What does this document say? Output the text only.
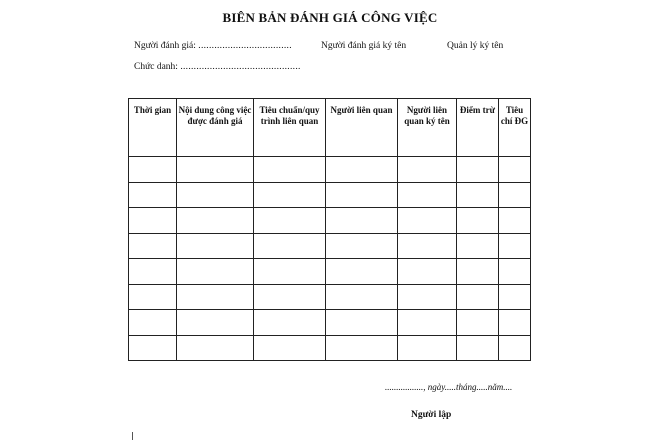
BIÊN BẢN ĐÁNH GIÁ CÔNG VIỆC
Người đánh giá: ...................................	Người đánh giá ký tên	Quản lý ký tên
Chức danh: .............................................
Thời gian	Nội dung công việc được đánh giá	Tiêu chuẩn/quy trình liên quan	Người liên quan	Người liên quan ký tên	Điểm trừ	Tiêu chí ĐG

................., ngày.....tháng.....năm....
Người lập
